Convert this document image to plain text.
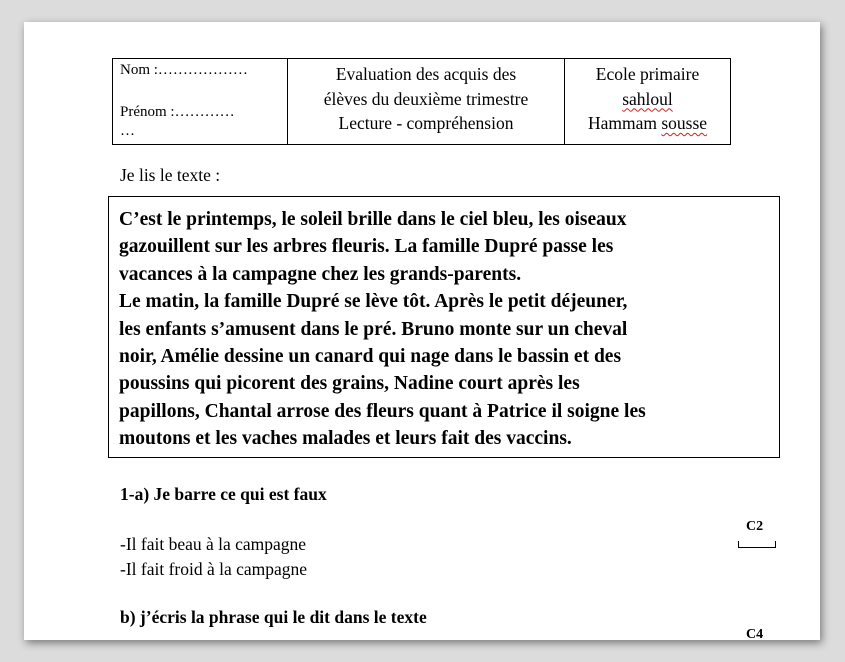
Nom :………………
Prénom :…………
…
Evaluation des acquis des
élèves du deuxième trimestre
Lecture - compréhension
Ecole primaire
sahloul
Hammam sousse
Je lis le texte :

C’est le printemps, le soleil brille dans le ciel bleu, les oiseaux

gazouillent sur les arbres fleuris. La famille Dupré passe les

vacances à la campagne chez les grands-parents.

Le matin, la famille Dupré se lève tôt. Après le petit déjeuner,

les enfants s’amusent dans le pré. Bruno monte sur un cheval

noir, Amélie dessine un canard qui nage dans le bassin et des

poussins qui picorent des grains, Nadine court après les

papillons, Chantal arrose des fleurs quant à Patrice il soigne les

moutons et les vaches malades et leurs fait des vaccins.

1-a) Je barre ce qui est faux
-Il fait beau à la campagne
-Il fait froid à la campagne
C2
b) j’écris la phrase qui le dit dans le texte
C4
